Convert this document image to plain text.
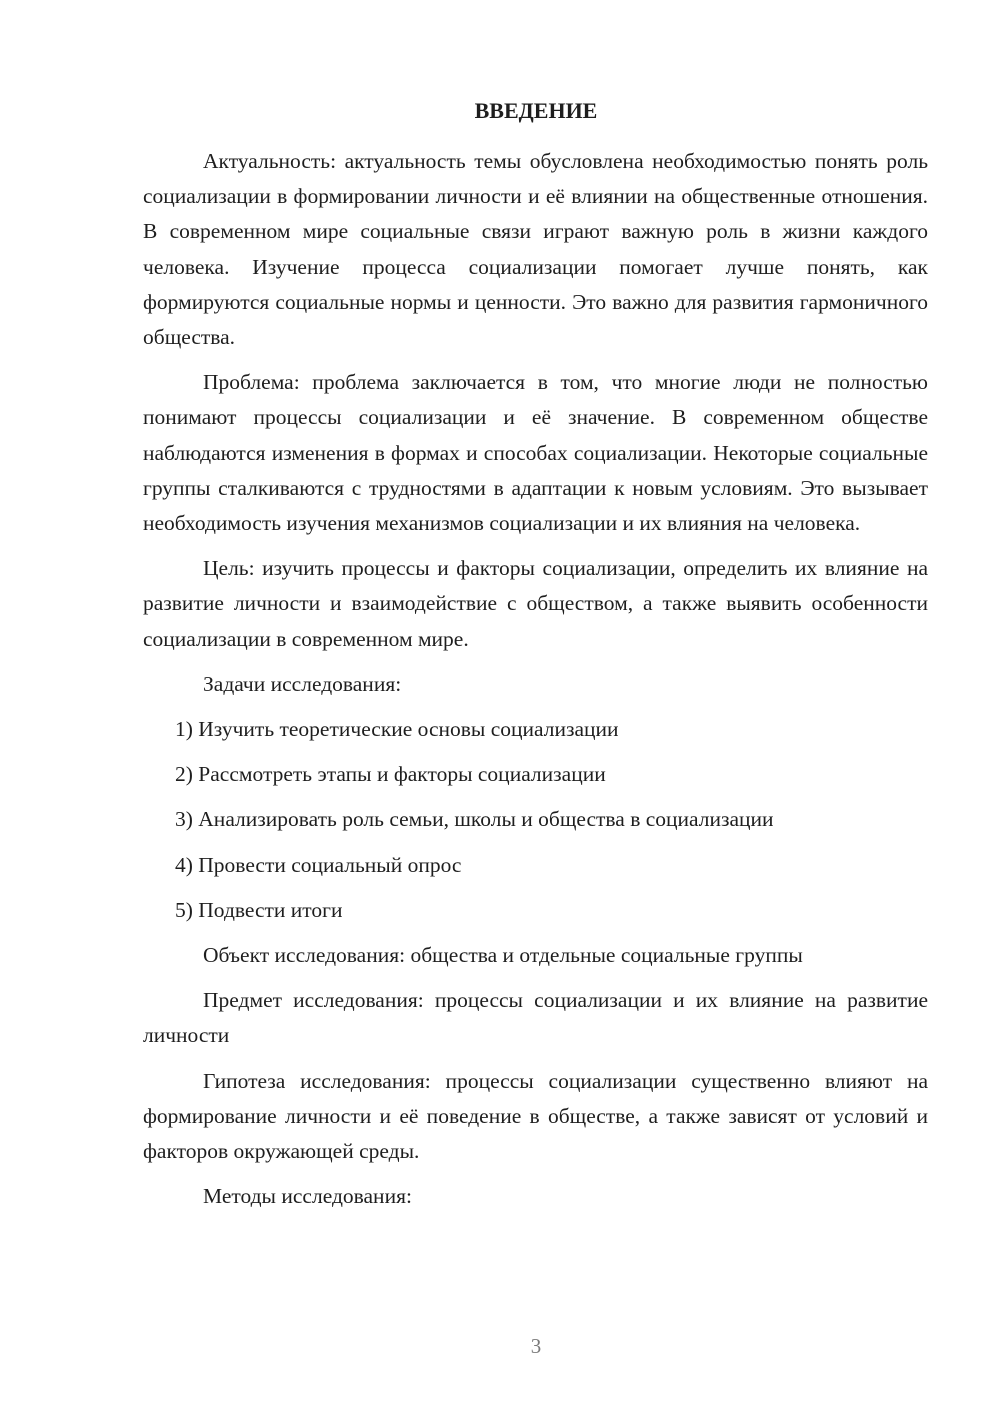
ВВЕДЕНИЕ

Актуальность: актуальность темы обусловлена необходимостью понять роль социализации в формировании личности и её влиянии на общественные отношения. В современном мире социальные связи играют важную роль в жизни каждого человека. Изучение процесса социализации помогает лучше понять, как формируются социальные нормы и ценности. Это важно для развития гармоничного общества.

Проблема: проблема заключается в том, что многие люди не полностью понимают процессы социализации и её значение. В современном обществе наблюдаются изменения в формах и способах социализации. Некоторые социальные группы сталкиваются с трудностями в адаптации к новым условиям. Это вызывает необходимость изучения механизмов социализации и их влияния на человека.

Цель: изучить процессы и факторы социализации, определить их влияние на развитие личности и взаимодействие с обществом, а также выявить особенности социализации в современном мире.

Задачи исследования:

1) Изучить теоретические основы социализации
2) Рассмотреть этапы и факторы социализации
3) Анализировать роль семьи, школы и общества в социализации
4) Провести социальный опрос
5) Подвести итоги

Объект исследования: общества и отдельные социальные группы

Предмет исследования: процессы социализации и их влияние на развитие личности

Гипотеза исследования: процессы социализации существенно влияют на формирование личности и её поведение в обществе, а также зависят от условий и факторов окружающей среды.

Методы исследования:

3
